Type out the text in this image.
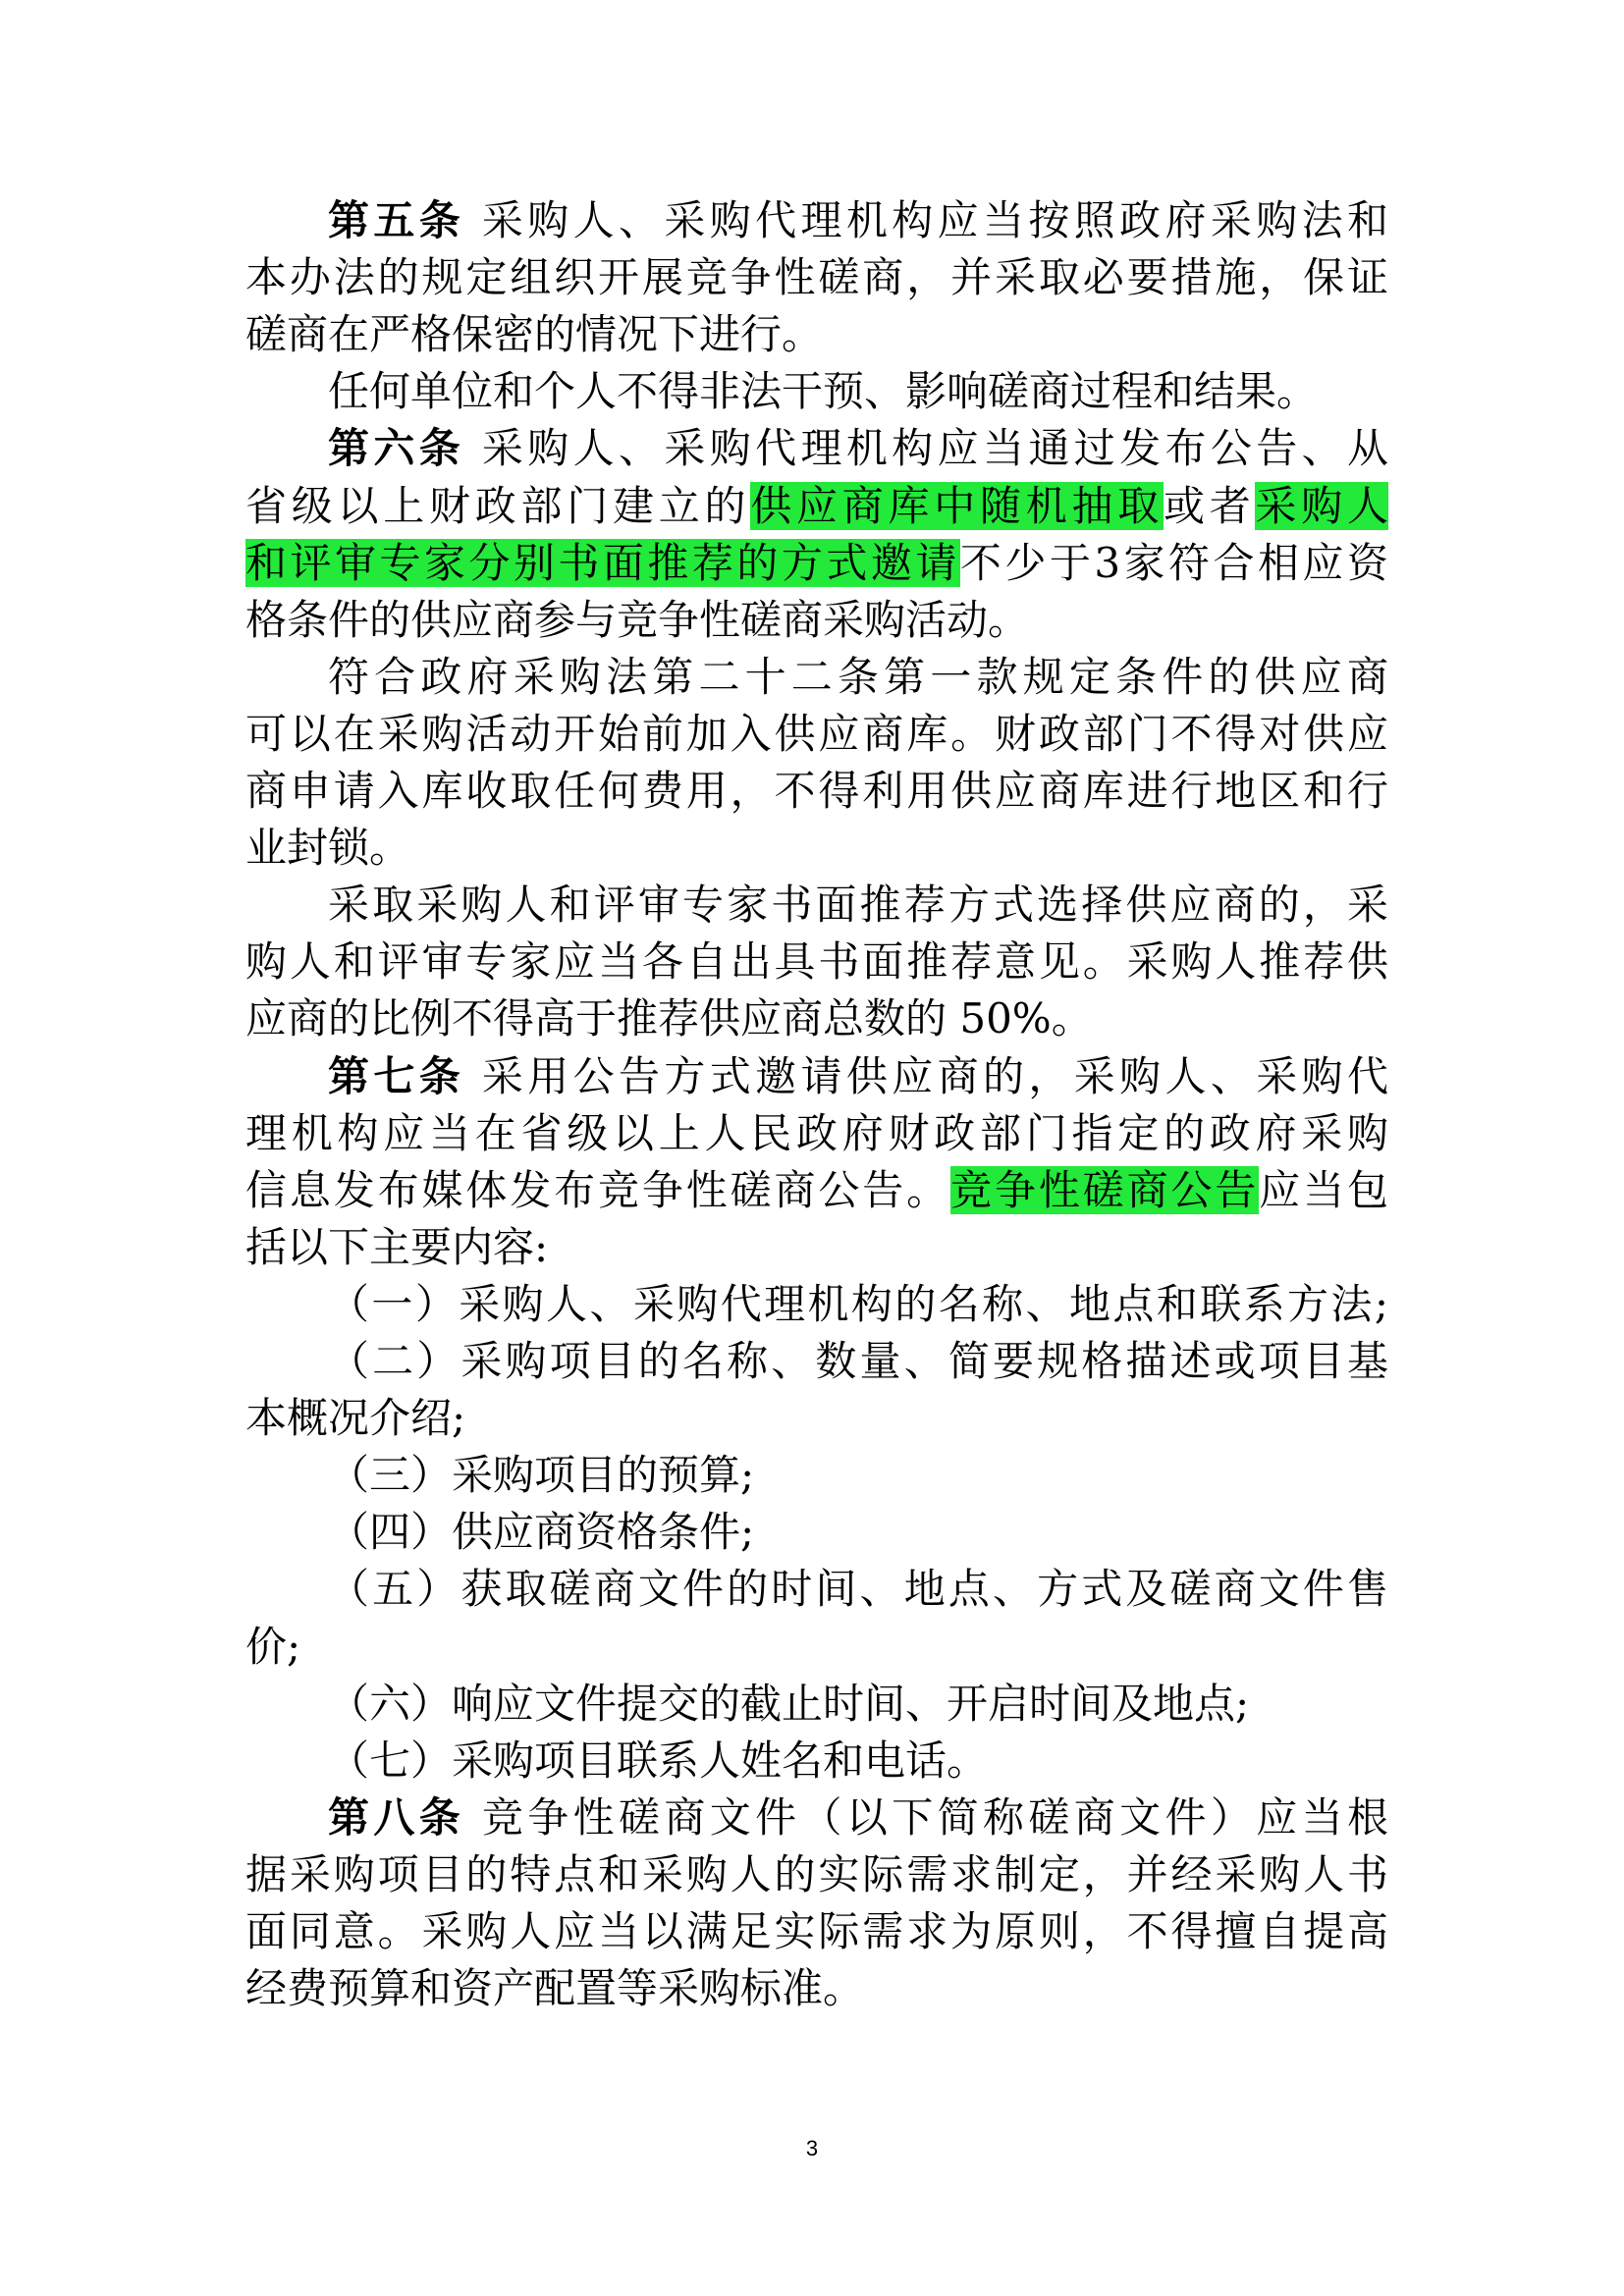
第五条 采购人、采购代理机构应当按照政府采购法和
本办法的规定组织开展竞争性磋商，并采取必要措施，保证
磋商在严格保密的情况下进行。
任何单位和个人不得非法干预、影响磋商过程和结果。
第六条 采购人、采购代理机构应当通过发布公告、从
省级以上财政部门建立的供应商库中随机抽取或者采购人
和评审专家分别书面推荐的方式邀请不少于3家符合相应资
格条件的供应商参与竞争性磋商采购活动。
符合政府采购法第二十二条第一款规定条件的供应商
可以在采购活动开始前加入供应商库。财政部门不得对供应
商申请入库收取任何费用，不得利用供应商库进行地区和行
业封锁。
采取采购人和评审专家书面推荐方式选择供应商的，采
购人和评审专家应当各自出具书面推荐意见。采购人推荐供
应商的比例不得高于推荐供应商总数的 50%。
第七条 采用公告方式邀请供应商的，采购人、采购代
理机构应当在省级以上人民政府财政部门指定的政府采购
信息发布媒体发布竞争性磋商公告。竞争性磋商公告应当包
括以下主要内容:
（一）采购人、采购代理机构的名称、地点和联系方法;
（二）采购项目的名称、数量、简要规格描述或项目基
本概况介绍;
（三）采购项目的预算;
（四）供应商资格条件;
（五）获取磋商文件的时间、地点、方式及磋商文件售
价;
（六）响应文件提交的截止时间、开启时间及地点;
（七）采购项目联系人姓名和电话。
第八条 竞争性磋商文件（以下简称磋商文件）应当根
据采购项目的特点和采购人的实际需求制定，并经采购人书
面同意。采购人应当以满足实际需求为原则，不得擅自提高
经费预算和资产配置等采购标准。
3
